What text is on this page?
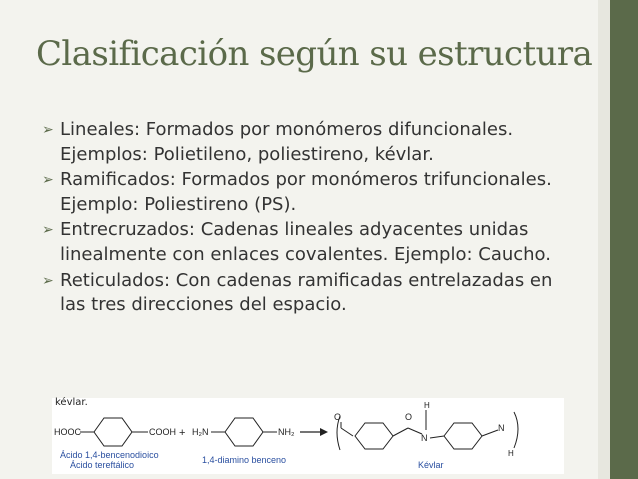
Clasificación según su estructura
➢ Lineales: Formados por monómeros difuncionales. Ejemplos: Polietileno, poliestireno, kévlar.
➢ Ramificados: Formados por monómeros trifuncionales. Ejemplo: Poliestireno (PS).
➢ Entrecruzados: Cadenas lineales adyacentes unidas linealmente con enlaces covalentes. Ejemplo: Caucho.
➢ Reticulados: Con cadenas ramificadas entrelazadas en las tres direcciones del espacio.
kévlar.
HOOC	COOH + H₂N	NH₂
O	O
N
H
N
H
Ácido 1,4-bencenodioico
Ácido tereftálico	1,4-diamino benceno	Kévlar
